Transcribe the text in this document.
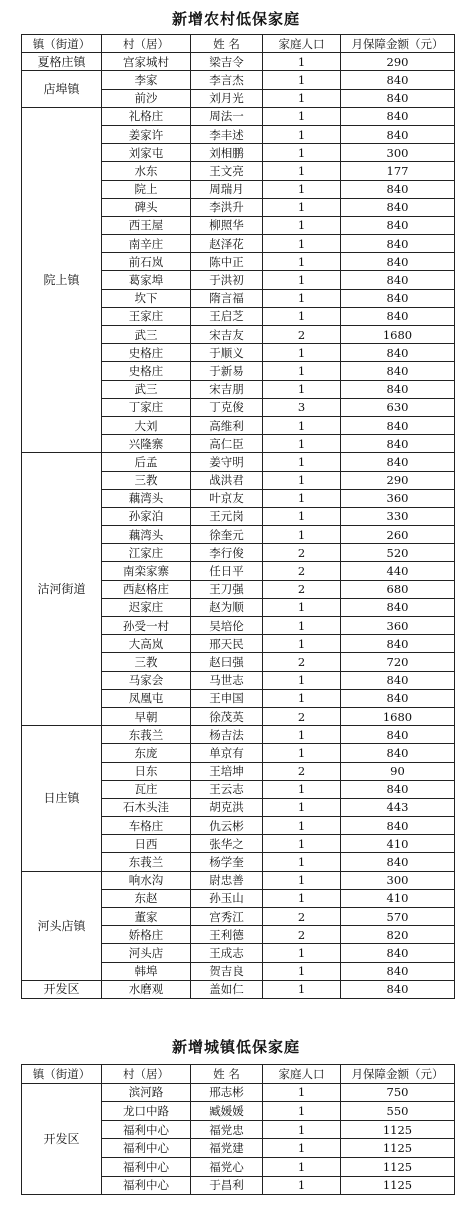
新增农村低保家庭
镇（街道）	村（居）	姓 名	家庭人口	月保障金额（元）
夏格庄镇	宫家城村	梁吉令	1	290
店埠镇	李家	李言杰	1	840
	前沙	刘月光	1	840
院上镇	礼格庄	周法一	1	840
	姜家许	李丰述	1	840
	刘家屯	刘相鹏	1	300
	水东	王文亮	1	177
	院上	周瑞月	1	840
	碑头	李洪升	1	840
	西王屋	柳照华	1	840
	南辛庄	赵泽花	1	840
	前石岚	陈中正	1	840
	葛家埠	于洪初	1	840
	坎下	隋言福	1	840
	王家庄	王启芝	1	840
	武三	宋吉友	2	1680
	史格庄	于顺义	1	840
	史格庄	于新易	1	840
	武三	宋吉朋	1	840
	丁家庄	丁克俊	3	630
	大刘	高维利	1	840
	兴隆寨	高仁臣	1	840
沽河街道	后孟	姜守明	1	840
	三教	战洪君	1	290
	藕湾头	叶京友	1	360
	孙家泊	王元岗	1	330
	藕湾头	徐奎元	1	260
	江家庄	李行俊	2	520
	南栾家寨	任日平	2	440
	西赵格庄	王刀强	2	680
	迟家庄	赵为顺	1	840
	孙受一村	吴培伦	1	360
	大高岚	邢天民	1	840
	三教	赵曰强	2	720
	马家会	马世志	1	840
	凤凰屯	王申国	1	840
	早朝	徐茂英	2	1680
日庄镇	东莪兰	杨吉法	1	840
	东庞	单京有	1	840
	日东	王培坤	2	90
	瓦庄	王云志	1	840
	石木头洼	胡克洪	1	443
	车格庄	仇云彬	1	840
	日西	张华之	1	410
	东莪兰	杨学奎	1	840
河头店镇	响水沟	尉忠善	1	300
	东赵	孙玉山	1	410
	董家	宫秀江	2	570
	娇格庄	王利德	2	820
	河头店	王成志	1	840
	韩埠	贺吉良	1	840
开发区	水磨观	盖如仁	1	840
新增城镇低保家庭
镇（街道）	村（居）	姓 名	家庭人口	月保障金额（元）
开发区	滨河路	邢志彬	1	750
	龙口中路	臧媛媛	1	550
	福利中心	福党忠	1	1125
	福利中心	福党建	1	1125
	福利中心	福党心	1	1125
	福利中心	于昌利	1	1125
